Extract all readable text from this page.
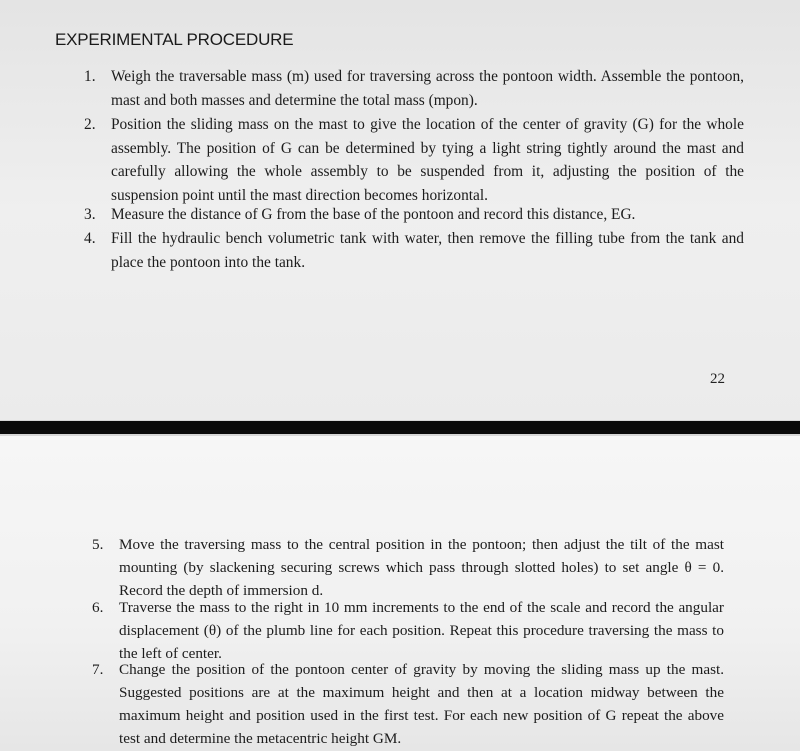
EXPERIMENTAL PROCEDURE
1.	Weigh the traversable mass (m) used for traversing across the pontoon width. Assemble the pontoon, mast and both masses and determine the total mass (mpon).
2.	Position the sliding mass on the mast to give the location of the center of gravity (G) for the whole assembly. The position of G can be determined by tying a light string tightly around the mast and carefully allowing the whole assembly to be suspended from it, adjusting the position of the suspension point until the mast direction becomes horizontal.
3.	Measure the distance of G from the base of the pontoon and record this distance, EG.
4.	Fill the hydraulic bench volumetric tank with water, then remove the filling tube from the tank and place the pontoon into the tank.
22
5.	Move the traversing mass to the central position in the pontoon; then adjust the tilt of the mast mounting (by slackening securing screws which pass through slotted holes) to set angle θ = 0. Record the depth of immersion d.
6.	Traverse the mass to the right in 10 mm increments to the end of the scale and record the angular displacement (θ) of the plumb line for each position. Repeat this procedure traversing the mass to the left of center.
7.	Change the position of the pontoon center of gravity by moving the sliding mass up the mast. Suggested positions are at the maximum height and then at a location midway between the maximum height and position used in the first test. For each new position of G repeat the above test and determine the metacentric height GM.
